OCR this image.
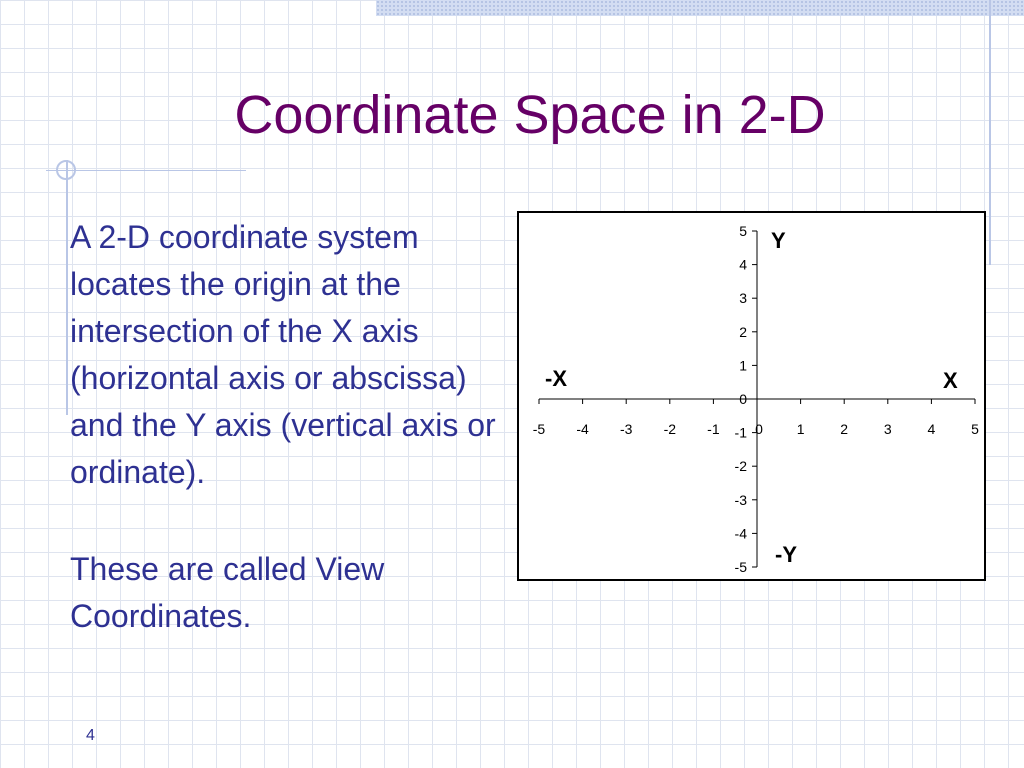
Coordinate Space in 2-D

A 2-D coordinate system locates the origin at the intersection of the X axis (horizontal axis or abscissa) and the Y axis (vertical axis or ordinate).

These are called View Coordinates.

-5 -4 -3 -2 -1	0 1	2	3	4	5
-5
-4
-3
-2
-1
0
1
2
3
4
5 Y
-Y
-X	X
4
